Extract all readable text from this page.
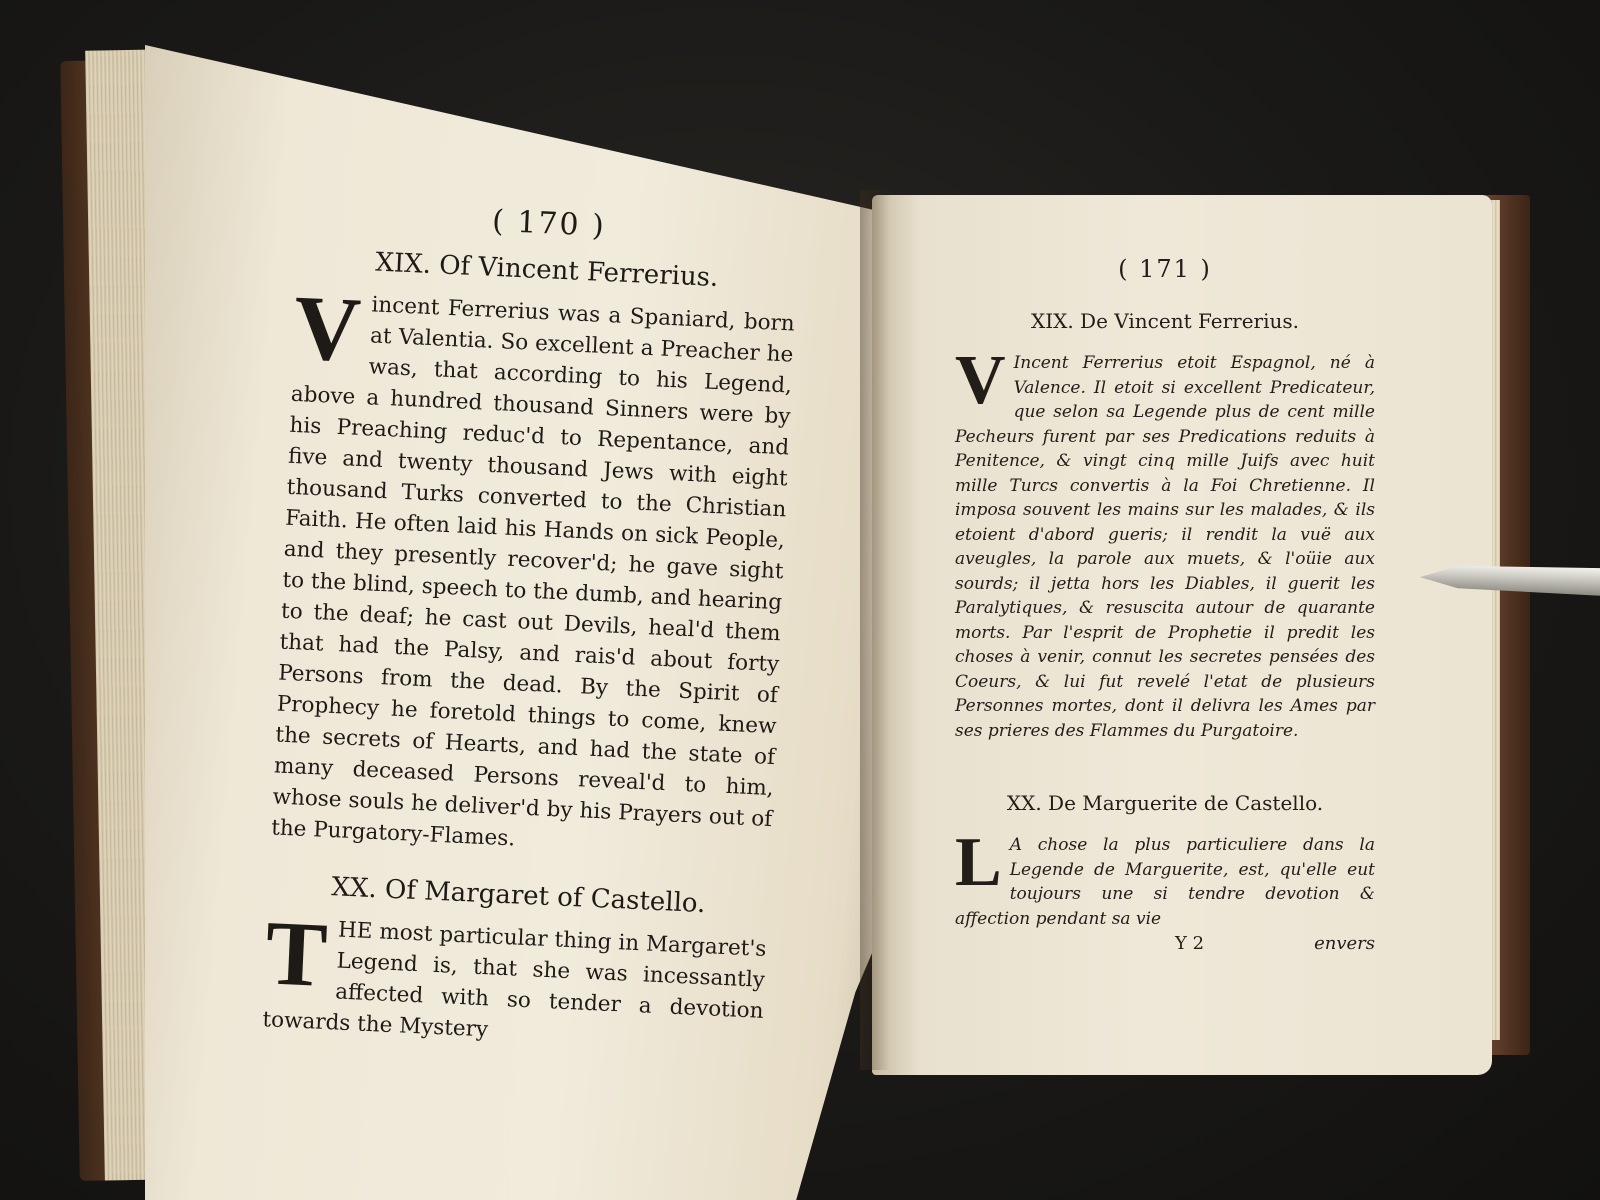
( 170 )

XIX. Of Vincent Ferrerius.

V incent Ferrerius was a Spaniard, born at Valentia. So excellent a Preacher he was, that according to his Legend, above a hundred thousand Sinners were by his Preaching reduc'd to Repentance, and five and twenty thousand Jews with eight thousand Turks converted to the Christian Faith. He often laid his Hands on sick People, and they presently recover'd; he gave sight to the blind, speech to the dumb, and hearing to the deaf; he cast out Devils, heal'd them that had the Palsy, and rais'd about forty Persons from the dead. By the Spirit of Prophecy he foretold things to come, knew the secrets of Hearts, and had the state of many deceased Persons reveal'd to him, whose souls he deliver'd by his Prayers out of the Purgatory-Flames.

XX. Of Margaret of Castello.

T HE most particular thing in Margaret's Legend is, that she was incessantly affected with so tender a devotion towards the Mystery

( 171 )

XIX. De Vincent Ferrerius.

V Incent Ferrerius etoit Espagnol, né à Valence. Il etoit si excellent Predicateur, que selon sa Legende plus de cent mille Pecheurs furent par ses Predications reduits à Penitence, & vingt cinq mille Juifs avec huit mille Turcs convertis à la Foi Chretienne. Il imposa souvent les mains sur les malades, & ils etoient d'abord gueris; il rendit la vuë aux aveugles, la parole aux muets, & l'oüie aux sourds; il jetta hors les Diables, il guerit les Paralytiques, & resuscita autour de quarante morts. Par l'esprit de Prophetie il predit les choses à venir, connut les secretes pensées des Coeurs, & lui fut revelé l'etat de plusieurs Personnes mortes, dont il delivra les Ames par ses prieres des Flammes du Purgatoire.

XX. De Marguerite de Castello.

L A chose la plus particuliere dans la Legende de Marguerite, est, qu'elle eut toujours une si tendre devotion & affection pendant sa vie

Y 2	envers
